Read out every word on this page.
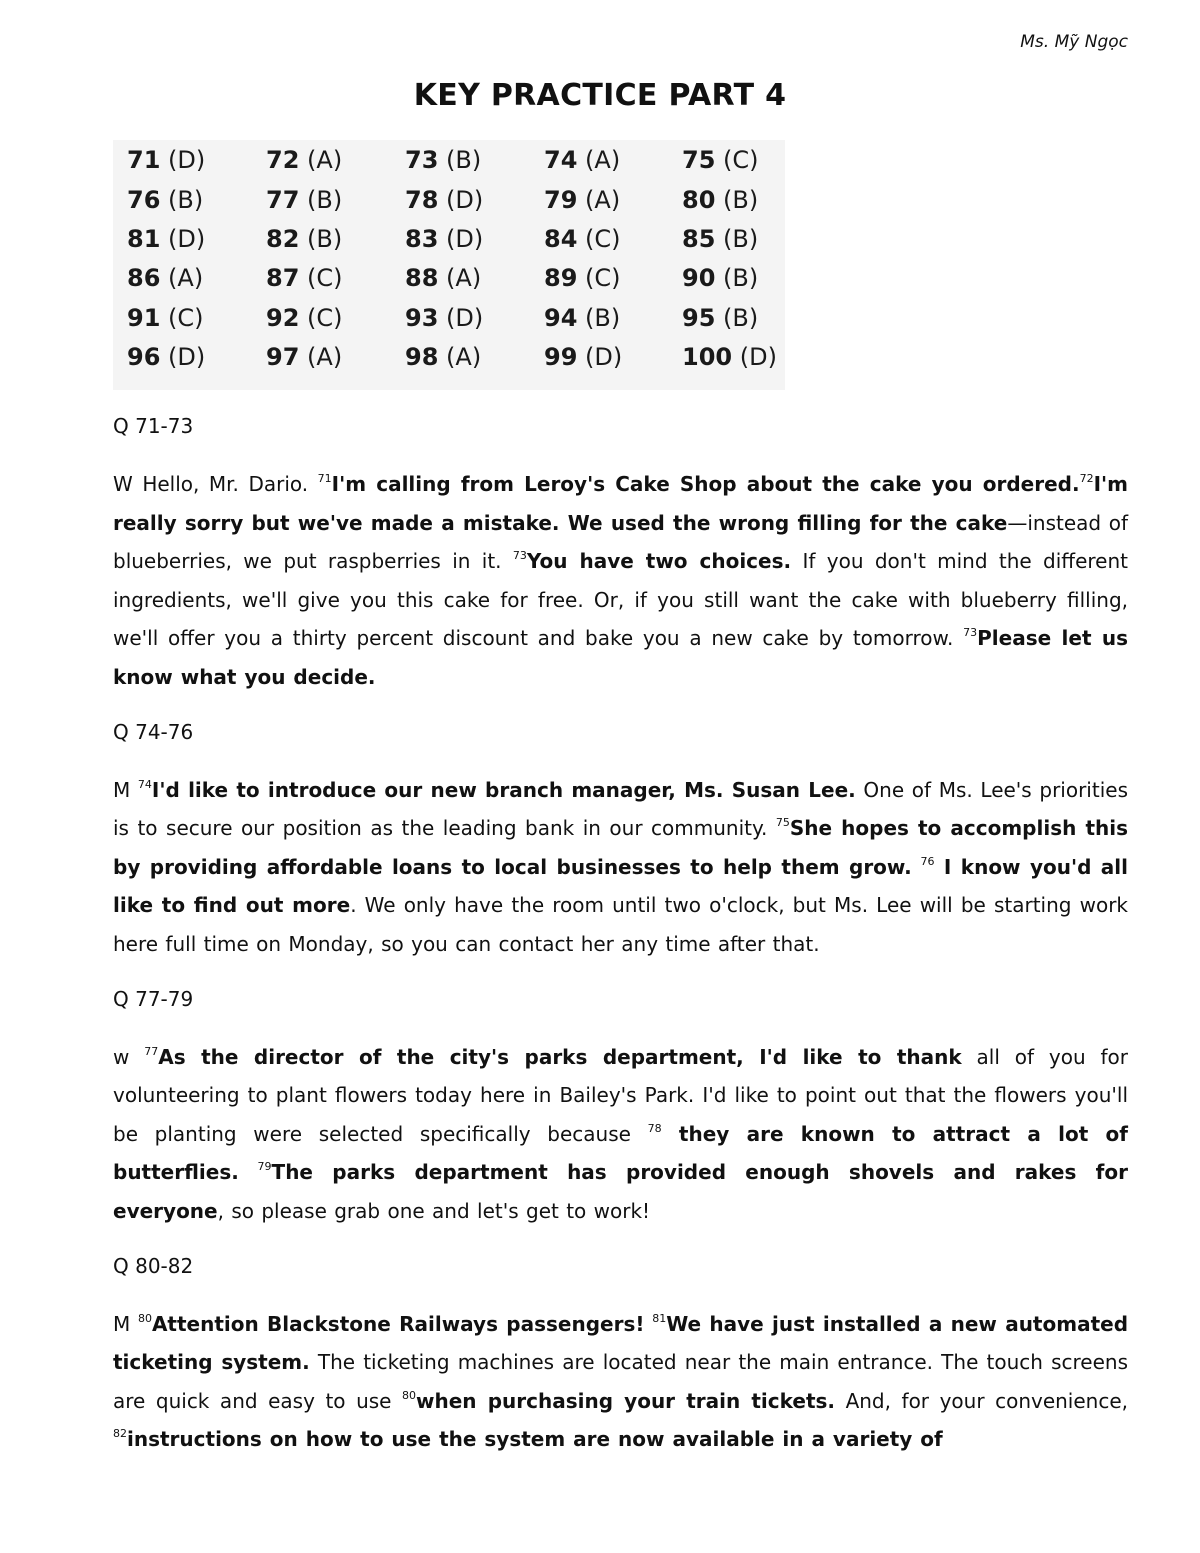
Ms. Mỹ Ngọc
KEY PRACTICE PART 4
71 (D)	72 (A)	73 (B)	74 (A)	75 (C)
76 (B)	77 (B)	78 (D)	79 (A)	80 (B)
81 (D)	82 (B)	83 (D)	84 (C)	85 (B)
86 (A)	87 (C)	88 (A)	89 (C)	90 (B)
91 (C)	92 (C)	93 (D)	94 (B)	95 (B)
96 (D)	97 (A)	98 (A)	99 (D) 100 (D)
Q 71-73
W Hello, Mr. Dario. $^{71}$I'm calling from Leroy's Cake Shop about the cake you ordered.$^{72}$I'm really sorry but we've made a mistake. We used the wrong filling for the cake—instead of blueberries, we put raspberries in it. $^{73}$You have two choices. If you don't mind the different ingredients, we'll give you this cake for free. Or, if you still want the cake with blueberry filling, we'll offer you a thirty percent discount and bake you a new cake by tomorrow. $^{73}$Please let us know what you decide.
Q 74-76
M $^{74}$I'd like to introduce our new branch manager, Ms. Susan Lee. One of Ms. Lee's priorities is to secure our position as the leading bank in our community. $^{75}$She hopes to accomplish this by providing affordable loans to local businesses to help them grow. $^{76}$ I know you'd all like to find out more. We only have the room until two o'clock, but Ms. Lee will be starting work here full time on Monday, so you can contact her any time after that.
Q 77-79
w $^{77}$As the director of the city's parks department, I'd like to thank all of you for volunteering to plant flowers today here in Bailey's Park. I'd like to point out that the flowers you'll be planting were selected specifically because $^{78}$ they are known to attract a lot of butterflies. $^{79}$The parks department has provided enough shovels and rakes for everyone, so please grab one and let's get to work!
Q 80-82
M $^{80}$Attention Blackstone Railways passengers! $^{81}$We have just installed a new automated ticketing system. The ticketing machines are located near the main entrance. The touch screens are quick and easy to use $^{80}$when purchasing your train tickets. And, for your convenience, $^{82}$instructions on how to use the system are now available in a variety of
